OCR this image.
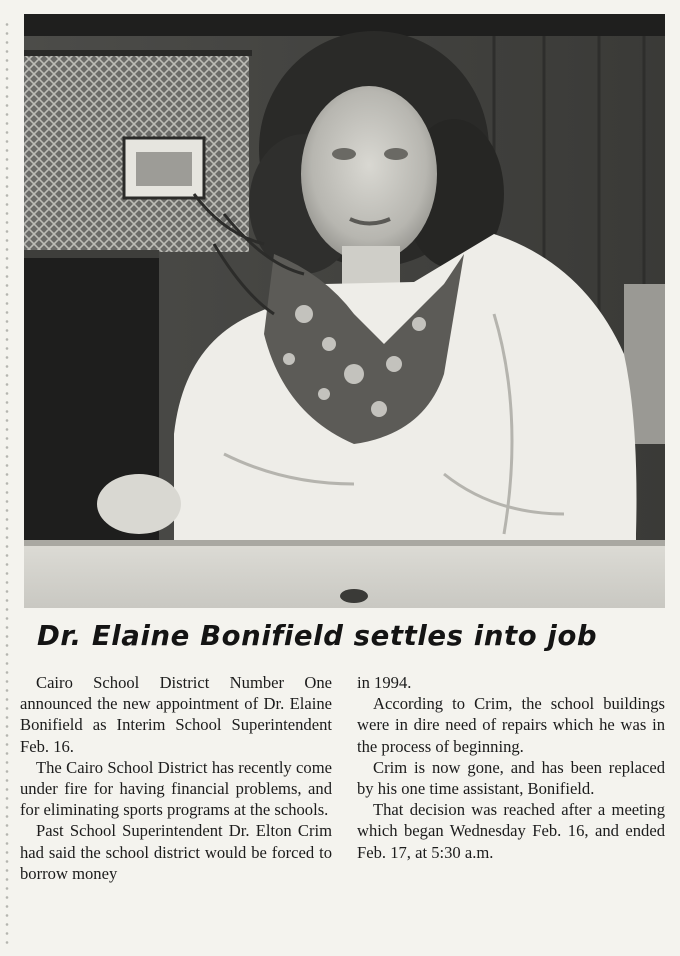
Dr. Elaine Bonifield settles into job

Cairo School District Number One announced the new appointment of Dr. Elaine Bonifield as Interim School Superintendent Feb. 16.

The Cairo School District has recently come under fire for having financial problems, and for eliminating sports programs at the schools.

Past School Superintendent Dr. Elton Crim had said the school district would be forced to borrow money

in 1994.

According to Crim, the school buildings were in dire need of repairs which he was in the process of beginning.

Crim is now gone, and has been replaced by his one time assistant, Bonifield.

That decision was reached after a meeting which began Wednesday Feb. 16, and ended Feb. 17, at 5:30 a.m.
